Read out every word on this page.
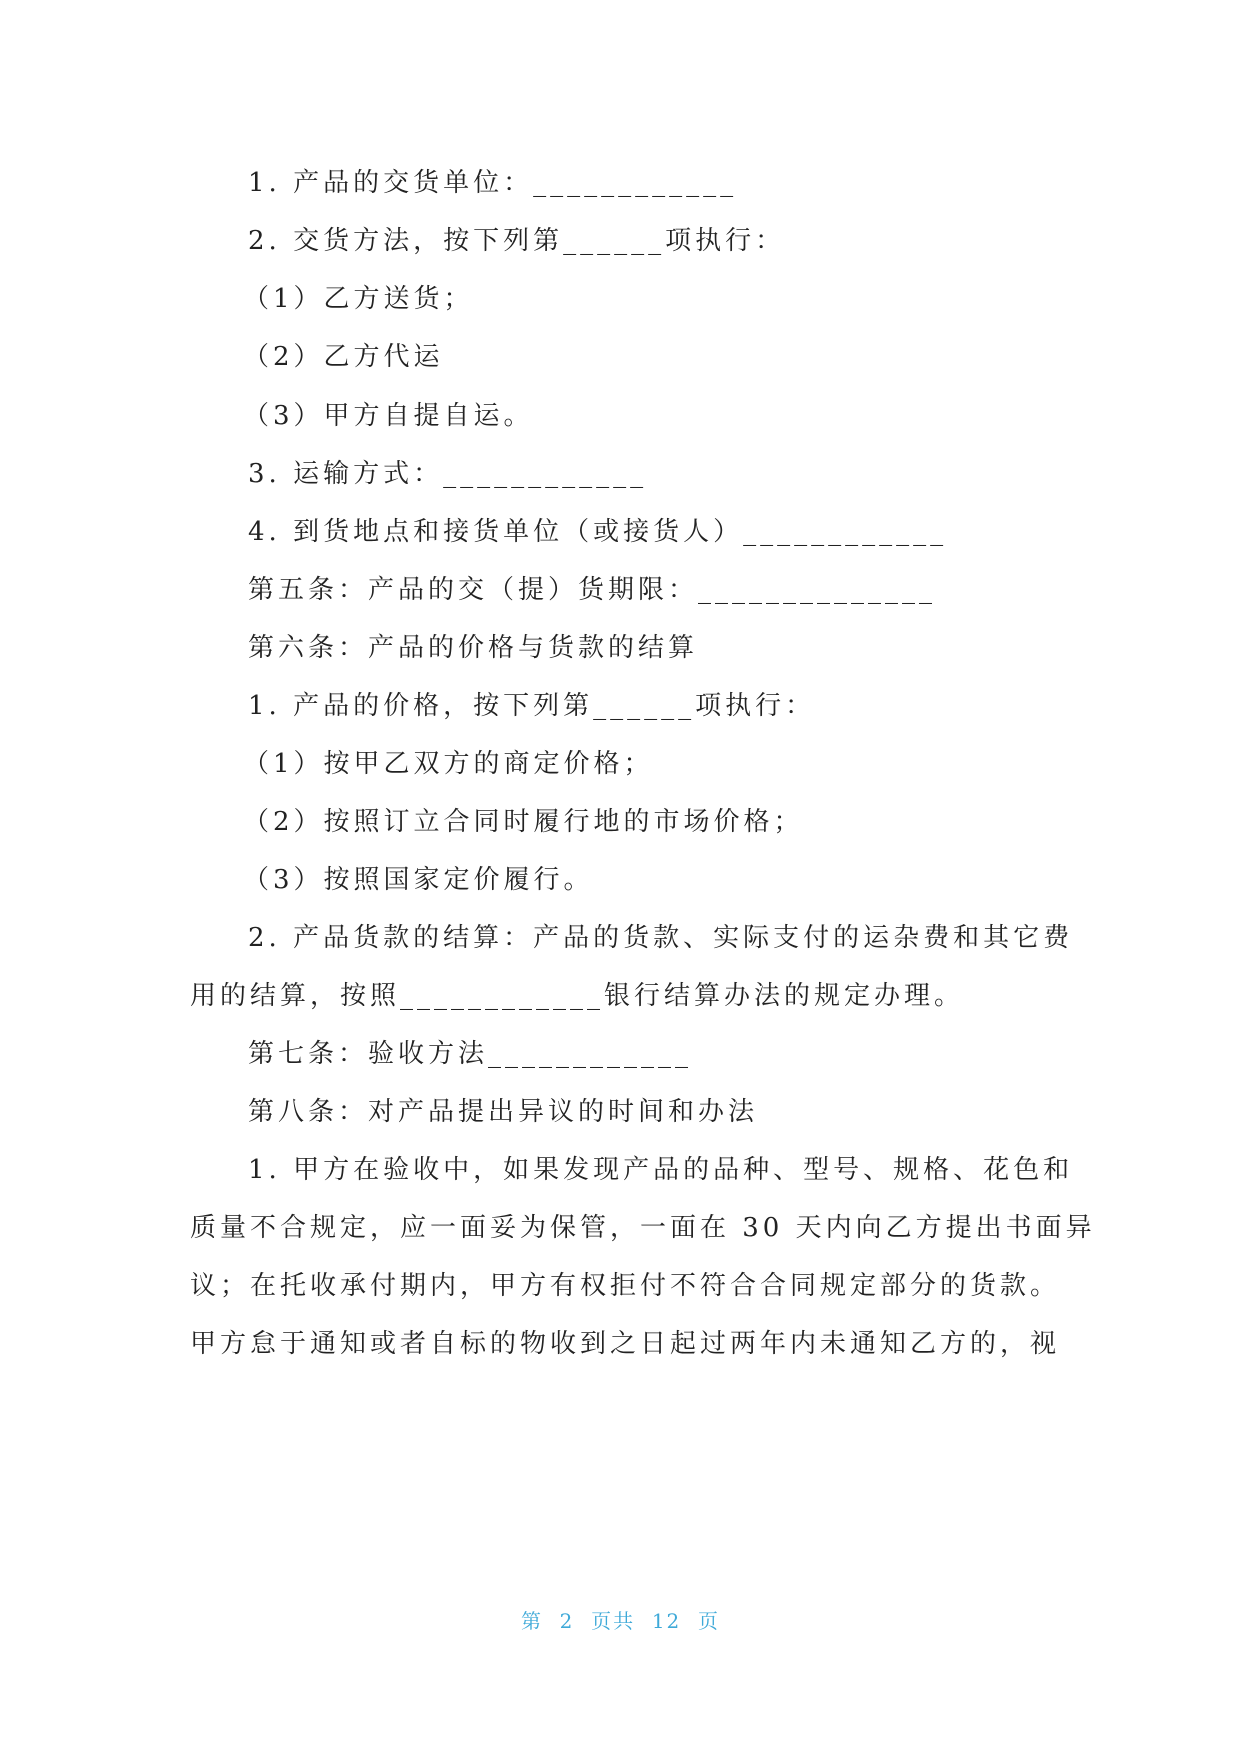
1. 产品的交货单位：____________

2. 交货方法，按下列第______项执行：

（1）乙方送货；

（2）乙方代运

（3）甲方自提自运。

3. 运输方式：____________

4. 到货地点和接货单位（或接货人）____________

第五条：产品的交（提）货期限：______________

第六条：产品的价格与货款的结算

1. 产品的价格，按下列第______项执行：

（1）按甲乙双方的商定价格；

（2）按照订立合同时履行地的市场价格；

（3）按照国家定价履行。

2. 产品货款的结算：产品的货款、实际支付的运杂费和其它费

用的结算，按照____________银行结算办法的规定办理。

第七条：验收方法____________

第八条：对产品提出异议的时间和办法

1. 甲方在验收中，如果发现产品的品种、型号、规格、花色和

质量不合规定，应一面妥为保管，一面在 30 天内向乙方提出书面异

议；在托收承付期内，甲方有权拒付不符合合同规定部分的货款。

甲方怠于通知或者自标的物收到之日起过两年内未通知乙方的，视

第  2  页共  12  页
